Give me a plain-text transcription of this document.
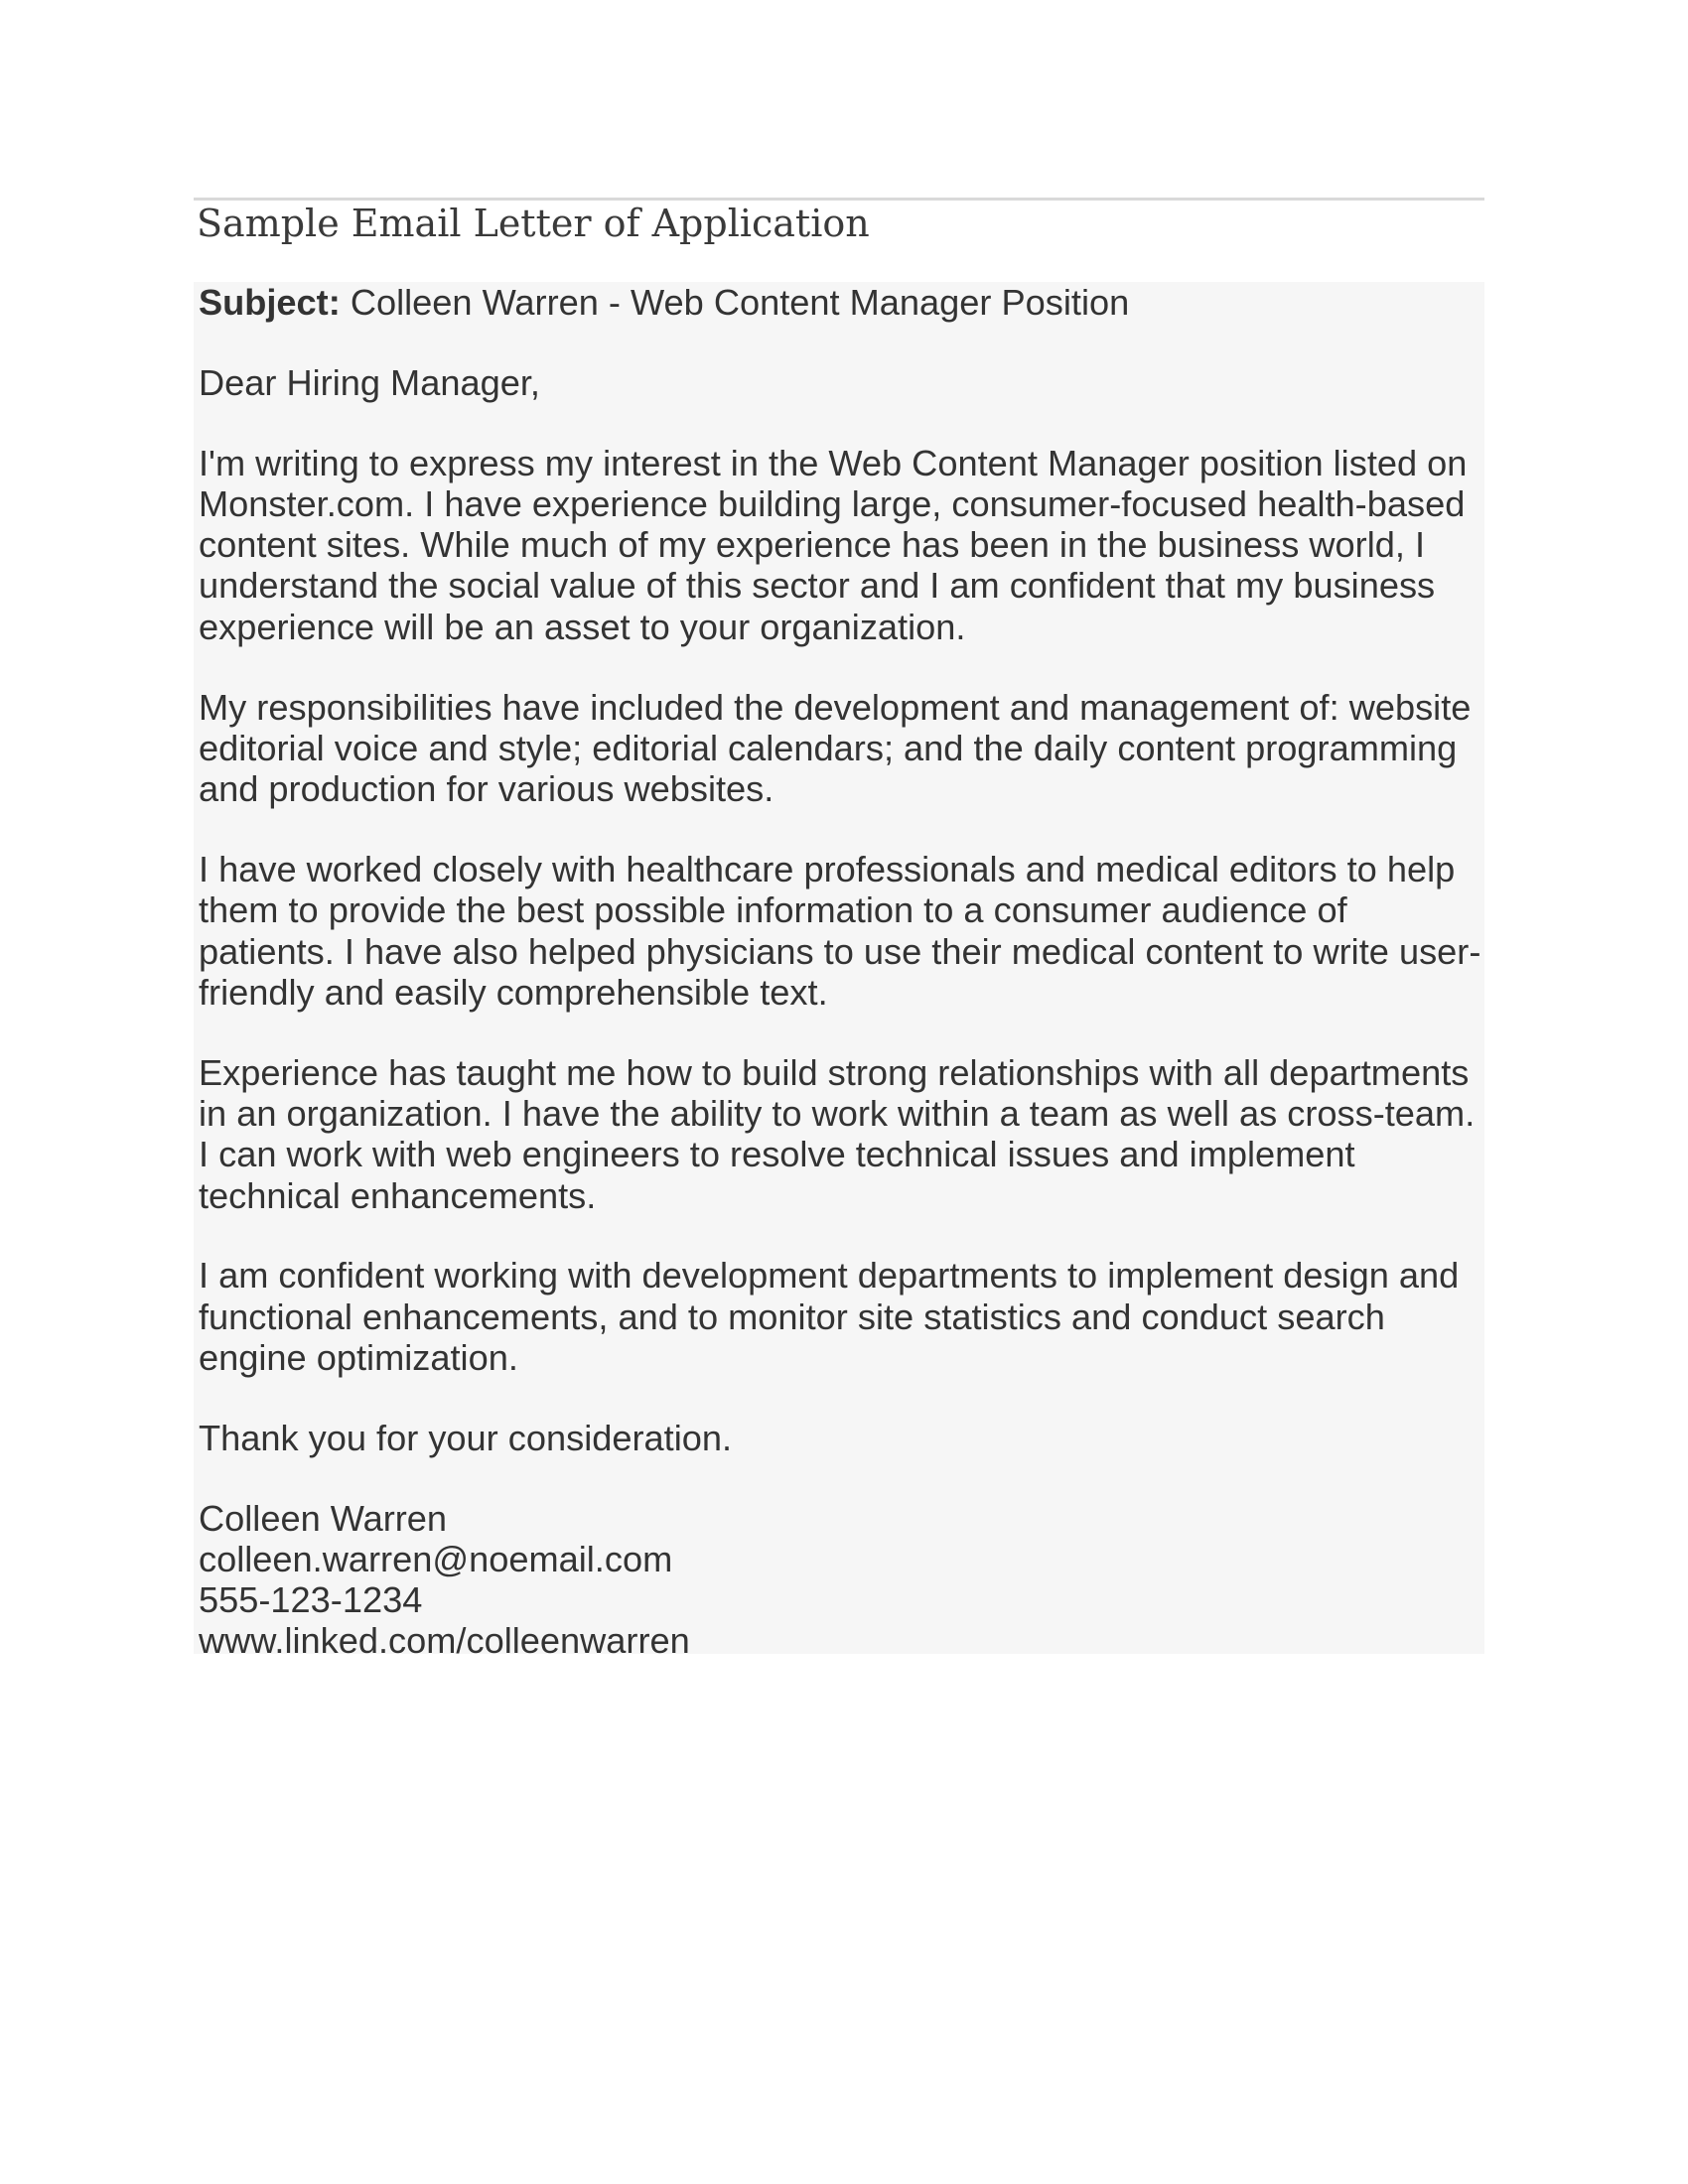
Sample Email Letter of Application

Subject: Colleen Warren - Web Content Manager Position

Dear Hiring Manager,

I'm writing to express my interest in the Web Content Manager position listed on Monster.com. I have experience building large, consumer-focused health-based content sites. While much of my experience has been in the business world, I understand the social value of this sector and I am confident that my business experience will be an asset to your organization.

My responsibilities have included the development and management of: website editorial voice and style; editorial calendars; and the daily content programming and production for various websites.

I have worked closely with healthcare professionals and medical editors to help them to provide the best possible information to a consumer audience of patients. I have also helped physicians to use their medical content to write user-friendly and easily comprehensible text.

Experience has taught me how to build strong relationships with all departments in an organization. I have the ability to work within a team as well as cross-team. I can work with web engineers to resolve technical issues and implement technical enhancements.

I am confident working with development departments to implement design and functional enhancements, and to monitor site statistics and conduct search engine optimization.

Thank you for your consideration.

Colleen Warren
colleen.warren@noemail.com
555-123-1234
www.linked.com/colleenwarren
